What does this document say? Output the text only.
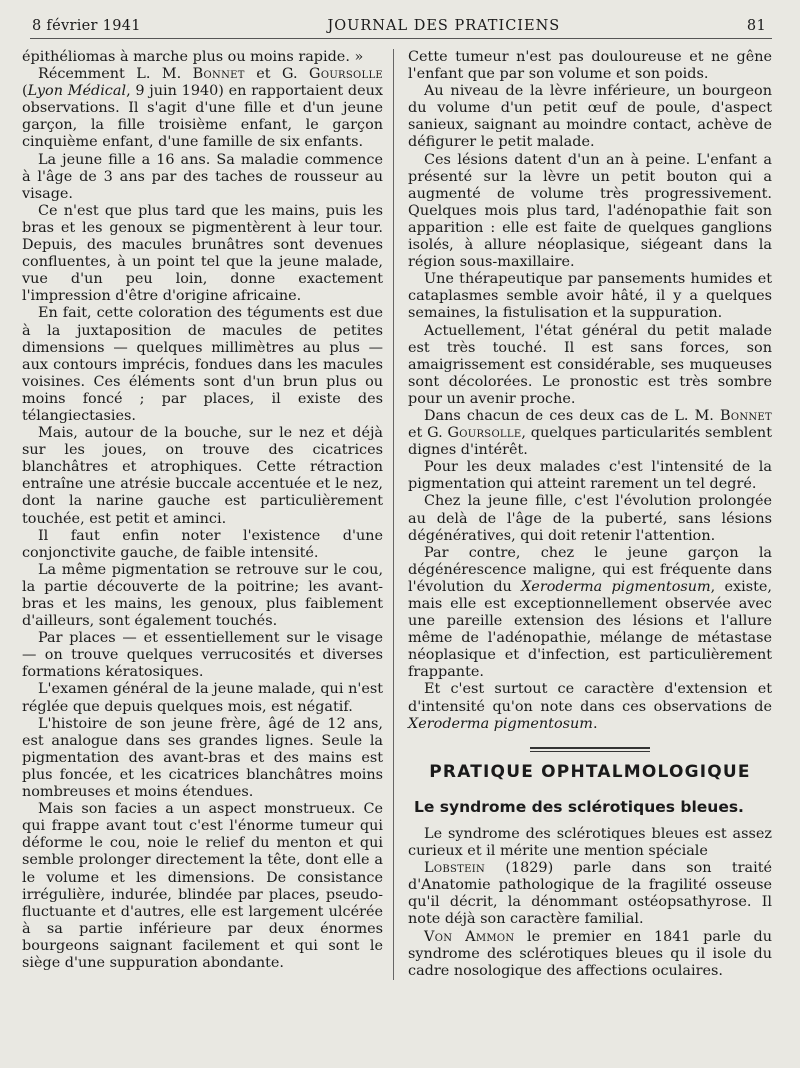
8 février 1941	JOURNAL DES PRATICIENS	81

épithéliomas à marche plus ou moins rapide. »

Récemment L. M. Bonnet et G. Goursolle (Lyon Médical, 9 juin 1940) en rapportaient deux observations. Il s'agit d'une fille et d'un jeune garçon, la fille troisième enfant, le garçon cinquième enfant, d'une famille de six enfants.

La jeune fille a 16 ans. Sa maladie commence à l'âge de 3 ans par des taches de rousseur au visage.

Ce n'est que plus tard que les mains, puis les bras et les genoux se pigmentèrent à leur tour. Depuis, des macules brunâtres sont devenues confluentes, à un point tel que la jeune malade, vue d'un peu loin, donne exactement l'impression d'être d'origine africaine.

En fait, cette coloration des téguments est due à la juxtaposition de macules de petites dimensions — quelques millimètres au plus — aux contours imprécis, fondues dans les macules voisines. Ces éléments sont d'un brun plus ou moins foncé ; par places, il existe des télangiectasies.

Mais, autour de la bouche, sur le nez et déjà sur les joues, on trouve des cicatrices blanchâtres et atrophiques. Cette rétraction entraîne une atrésie buccale accentuée et le nez, dont la narine gauche est particulièrement touchée, est petit et aminci.

Il faut enfin noter l'existence d'une conjonctivite gauche, de faible intensité.

La même pigmentation se retrouve sur le cou, la partie découverte de la poitrine; les avant-bras et les mains, les genoux, plus faiblement d'ailleurs, sont également touchés.

Par places — et essentiellement sur le visage — on trouve quelques verrucosités et diverses formations kératosiques.

L'examen général de la jeune malade, qui n'est réglée que depuis quelques mois, est négatif.

L'histoire de son jeune frère, âgé de 12 ans, est analogue dans ses grandes lignes. Seule la pigmentation des avant-bras et des mains est plus foncée, et les cicatrices blanchâtres moins nombreuses et moins étendues.

Mais son facies a un aspect monstrueux. Ce qui frappe avant tout c'est l'énorme tumeur qui déforme le cou, noie le relief du menton et qui semble prolonger directement la tête, dont elle a le volume et les dimensions. De consistance irrégulière, indurée, blindée par places, pseudo-fluctuante et d'autres, elle est largement ulcérée à sa partie inférieure par deux énormes bourgeons saignant facilement et qui sont le siège d'une suppuration abondante.

Cette tumeur n'est pas douloureuse et ne gêne l'enfant que par son volume et son poids.

Au niveau de la lèvre inférieure, un bourgeon du volume d'un petit œuf de poule, d'aspect sanieux, saignant au moindre contact, achève de défigurer le petit malade.

Ces lésions datent d'un an à peine. L'enfant a présenté sur la lèvre un petit bouton qui a augmenté de volume très progressivement. Quelques mois plus tard, l'adénopathie fait son apparition : elle est faite de quelques ganglions isolés, à allure néoplasique, siégeant dans la région sous-maxillaire.

Une thérapeutique par pansements humides et cataplasmes semble avoir hâté, il y a quelques semaines, la fistulisation et la suppuration.

Actuellement, l'état général du petit malade est très touché. Il est sans forces, son amaigrissement est considérable, ses muqueuses sont décolorées. Le pronostic est très sombre pour un avenir proche.

Dans chacun de ces deux cas de L. M. Bonnet et G. Goursolle, quelques particularités semblent dignes d'intérêt.

Pour les deux malades c'est l'intensité de la pigmentation qui atteint rarement un tel degré.

Chez la jeune fille, c'est l'évolution prolongée au delà de l'âge de la puberté, sans lésions dégénératives, qui doit retenir l'attention.

Par contre, chez le jeune garçon la dégénérescence maligne, qui est fréquente dans l'évolution du Xeroderma pigmentosum, existe, mais elle est exceptionnellement observée avec une pareille extension des lésions et l'allure même de l'adénopathie, mélange de métastase néoplasique et d'infection, est particulièrement frappante.

Et c'est surtout ce caractère d'extension et d'intensité qu'on note dans ces observations de Xeroderma pigmentosum.

PRATIQUE OPHTALMOLOGIQUE
Le syndrome des sclérotiques bleues.

Le syndrome des sclérotiques bleues est assez curieux et il mérite une mention spéciale

Lobstein (1829) parle dans son traité d'Anatomie pathologique de la fragilité osseuse qu'il décrit, la dénommant ostéopsathyrose. Il note déjà son caractère familial.

Von Ammon le premier en 1841 parle du syndrome des sclérotiques bleues qu il isole du cadre nosologique des affections oculaires.
